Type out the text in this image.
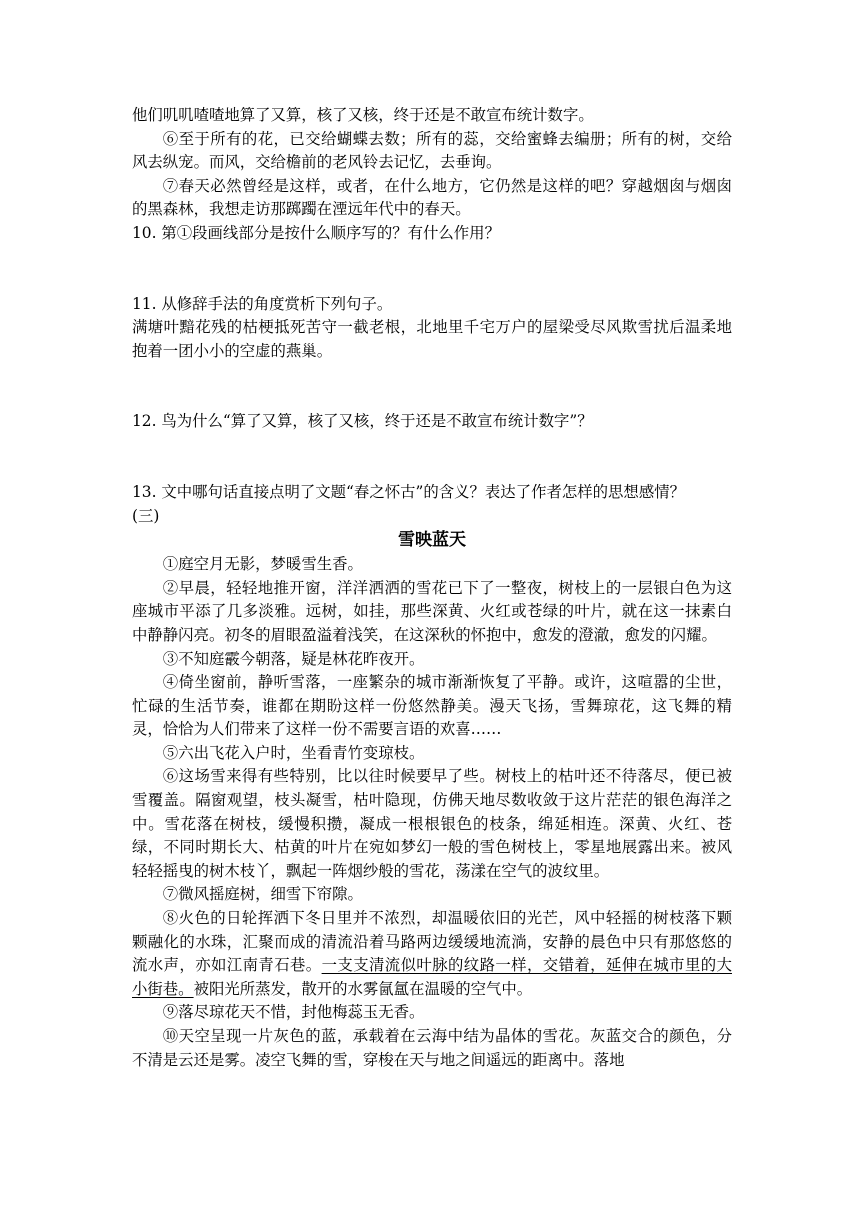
他们叽叽喳喳地算了又算，核了又核，终于还是不敢宣布统计数字。

⑥至于所有的花，已交给蝴蝶去数；所有的蕊，交给蜜蜂去编册；所有的树，交给风去纵宠。而风，交给檐前的老风铃去记忆，去垂询。

⑦春天必然曾经是这样，或者，在什么地方，它仍然是这样的吧？穿越烟囱与烟囱的黑森林，我想走访那踯躅在湮远年代中的春天。

10. 第①段画线部分是按什么顺序写的？有什么作用？

11. 从修辞手法的角度赏析下列句子。

满塘叶黯花残的枯梗抵死苦守一截老根，北地里千宅万户的屋梁受尽风欺雪扰后温柔地抱着一团小小的空虚的燕巢。

12. 鸟为什么“算了又算，核了又核，终于还是不敢宣布统计数字”？

13. 文中哪句话直接点明了文题“春之怀古”的含义？表达了作者怎样的思想感情？

(三)

雪映蓝天

①庭空月无影，梦暖雪生香。

②早晨，轻轻地推开窗，洋洋洒洒的雪花已下了一整夜，树枝上的一层银白色为这座城市平添了几多淡雅。远树，如挂，那些深黄、火红或苍绿的叶片，就在这一抹素白中静静闪亮。初冬的眉眼盈溢着浅笑，在这深秋的怀抱中，愈发的澄澈，愈发的闪耀。

③不知庭霰今朝落，疑是林花昨夜开。

④倚坐窗前，静听雪落，一座繁杂的城市渐渐恢复了平静。或许，这喧嚣的尘世，忙碌的生活节奏，谁都在期盼这样一份悠然静美。漫天飞扬，雪舞琼花，这飞舞的精灵，恰恰为人们带来了这样一份不需要言语的欢喜……

⑤六出飞花入户时，坐看青竹变琼枝。

⑥这场雪来得有些特别，比以往时候要早了些。树枝上的枯叶还不待落尽，便已被雪覆盖。隔窗观望，枝头凝雪，枯叶隐现，仿佛天地尽数收敛于这片茫茫的银色海洋之中。雪花落在树枝，缓慢积攒，凝成一根根银色的枝条，绵延相连。深黄、火红、苍绿，不同时期长大、枯黄的叶片在宛如梦幻一般的雪色树枝上，零星地展露出来。被风轻轻摇曳的树木枝丫，飘起一阵烟纱般的雪花，荡漾在空气的波纹里。

⑦微风摇庭树，细雪下帘隙。

⑧火色的日轮挥洒下冬日里并不浓烈，却温暖依旧的光芒，风中轻摇的树枝落下颗颗融化的水珠，汇聚而成的清流沿着马路两边缓缓地流淌，安静的晨色中只有那悠悠的流水声，亦如江南青石巷。一支支清流似叶脉的纹路一样，交错着，延伸在城市里的大小街巷。被阳光所蒸发，散开的水雾氤氲在温暖的空气中。

⑨落尽琼花天不惜，封他梅蕊玉无香。

⑩天空呈现一片灰色的蓝，承载着在云海中结为晶体的雪花。灰蓝交合的颜色，分不清是云还是雾。凌空飞舞的雪，穿梭在天与地之间遥远的距离中。落地
